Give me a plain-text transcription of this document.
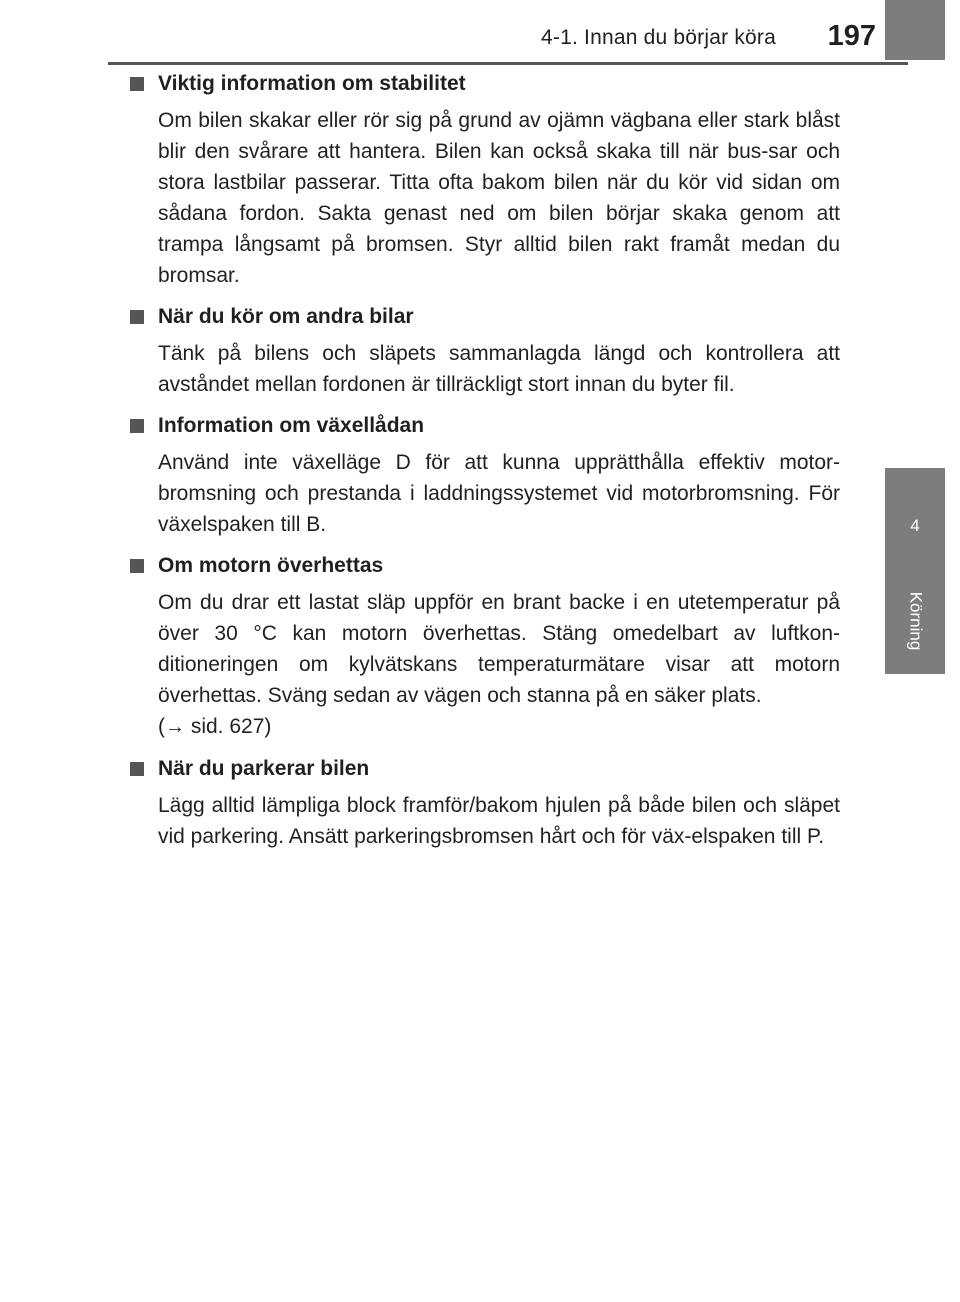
4-1. Innan du börjar köra 197
4
Körning
Viktig information om stabilitet
Om bilen skakar eller rör sig på grund av ojämn vägbana eller stark blåst blir den svårare att hantera. Bilen kan också skaka till när bus-sar och stora lastbilar passerar. Titta ofta bakom bilen när du kör vid sidan om sådana fordon. Sakta genast ned om bilen börjar skaka genom att trampa långsamt på bromsen. Styr alltid bilen rakt framåt medan du bromsar.
När du kör om andra bilar
Tänk på bilens och släpets sammanlagda längd och kontrollera att avståndet mellan fordonen är tillräckligt stort innan du byter fil.
Information om växellådan
Använd inte växelläge D för att kunna upprätthålla effektiv motor-bromsning och prestanda i laddningssystemet vid motorbromsning. För växelspaken till B.
Om motorn överhettas
Om du drar ett lastat släp uppför en brant backe i en utetemperatur på över 30 °C kan motorn överhettas. Stäng omedelbart av luftkon-ditioneringen om kylvätskans temperaturmätare visar att motorn överhettas. Sväng sedan av vägen och stanna på en säker plats.
(→ sid. 627)
När du parkerar bilen
Lägg alltid lämpliga block framför/bakom hjulen på både bilen och släpet vid parkering. Ansätt parkeringsbromsen hårt och för väx-elspaken till P.
